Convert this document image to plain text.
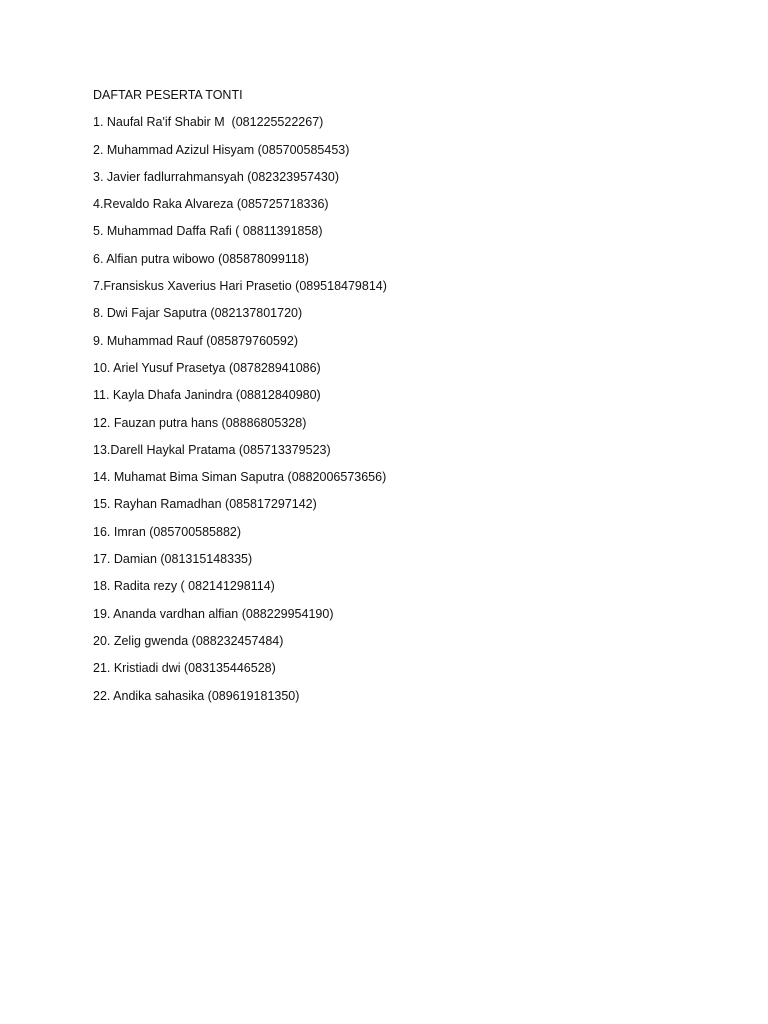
DAFTAR PESERTA TONTI
1. Naufal Ra'if Shabir M  (081225522267)
2. Muhammad Azizul Hisyam (085700585453)
3. Javier fadlurrahmansyah (082323957430)
4.Revaldo Raka Alvareza (085725718336)
5. Muhammad Daffa Rafi ( 08811391858)
6. Alfian putra wibowo (085878099118)
7.Fransiskus Xaverius Hari Prasetio (089518479814)
8. Dwi Fajar Saputra (082137801720)
9. Muhammad Rauf (085879760592)
10. Ariel Yusuf Prasetya (087828941086)
11. Kayla Dhafa Janindra (08812840980)
12. Fauzan putra hans (08886805328)
13.Darell Haykal Pratama (085713379523)
14. Muhamat Bima Siman Saputra (0882006573656)
15. Rayhan Ramadhan (085817297142)
16. Imran (085700585882)
17. Damian (081315148335)
18. Radita rezy ( 082141298114)
19. Ananda vardhan alfian (088229954190)
20. Zelig gwenda (088232457484)
21. Kristiadi dwi (083135446528)
22. Andika sahasika (089619181350)
